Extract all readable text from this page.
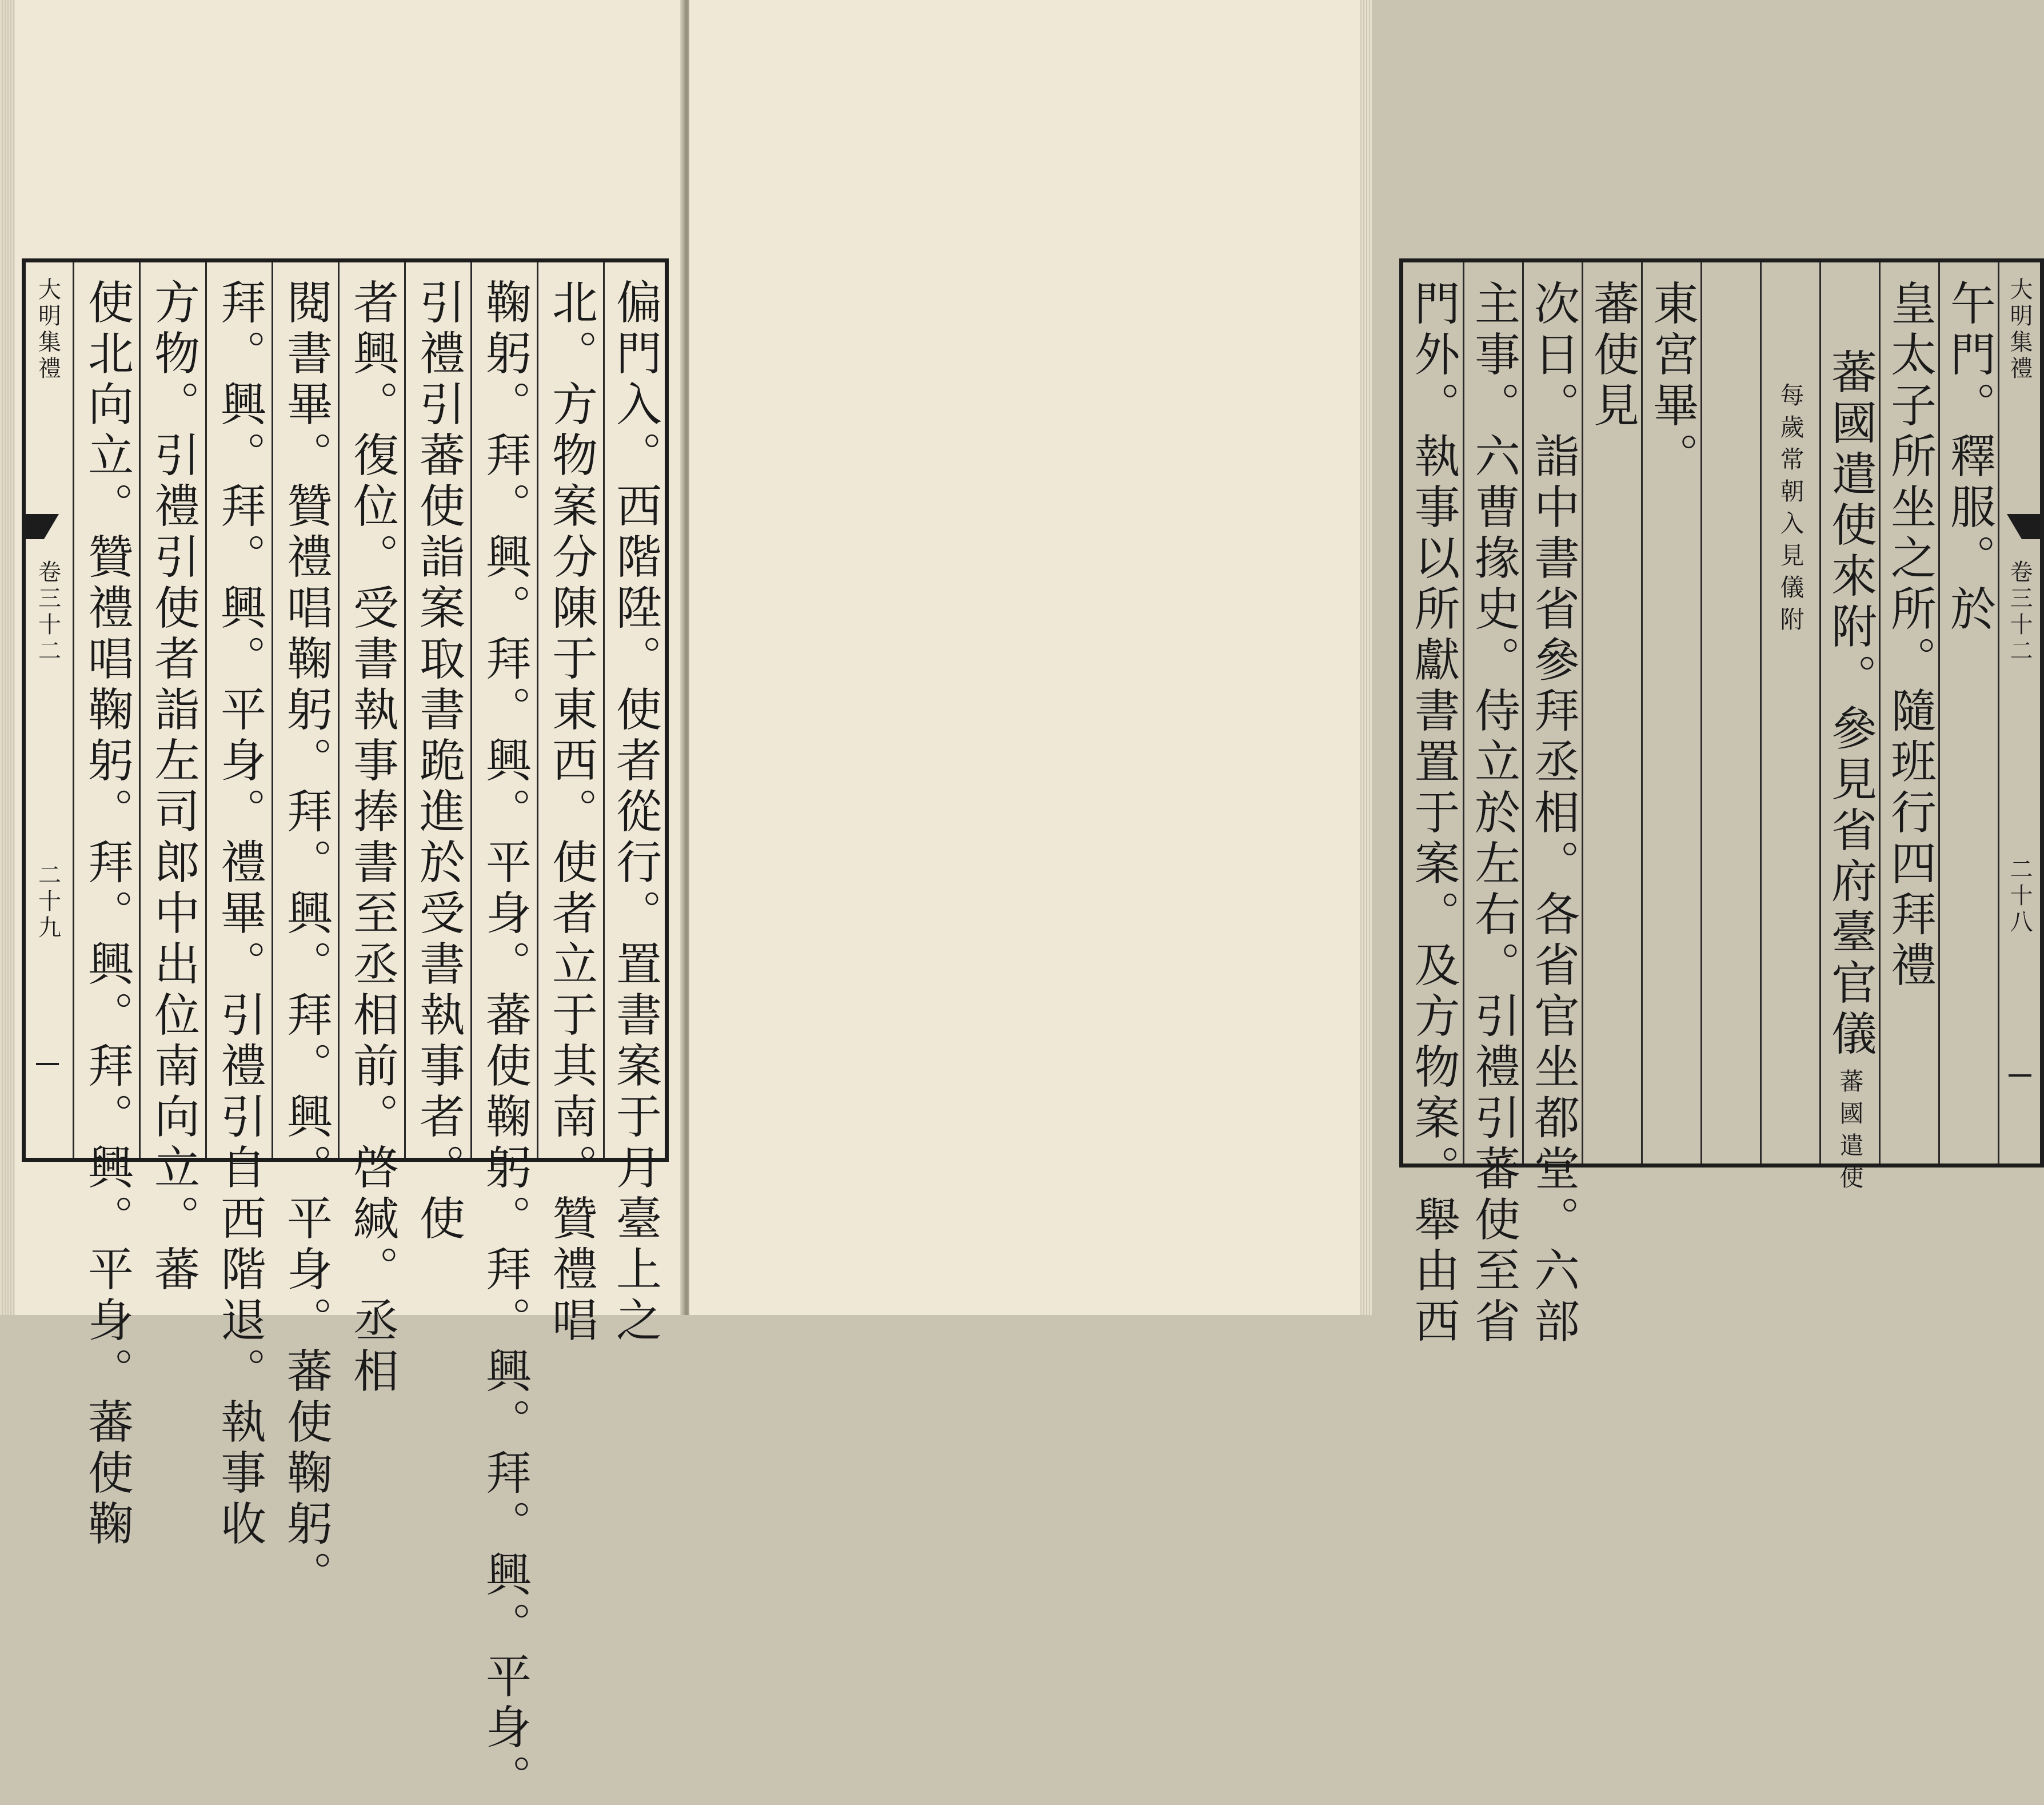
大明集禮
卷三十二
二十九 使北向立。贊禮唱鞠躬。拜。興。拜。興。平身。蕃使鞠 方物。引禮引使者詣左司郎中出位南向立。蕃 拜。興。拜。興。平身。禮畢。引禮引自西階退。執事收 閱書畢。贊禮唱鞠躬。拜。興。拜。興。平身。蕃使鞠躬。 者興。復位。受書執事捧書至丞相前。啓緘。丞相 引禮引蕃使詣案取書跪進於受書執事者。使 鞠躬。拜。興。拜。興。平身。蕃使鞠躬。拜。興。拜。興。平身。 北。方物案分陳于東西。使者立于其南。贊禮唱 偏門入。西階陞。使者從行。置書案于月臺上之	門外。執事以所獻書置于案。及方物案。舉由西 主事。六曹掾史。侍立於左右。引禮引蕃使至省 次日。詣中書省參拜丞相。各省官坐都堂。六部 蕃使見 東宮畢。
每歲常朝入見儀附 蕃國遣使來附。參見省府臺官儀
蕃國遣使
皇太子所坐之所。隨班行四拜禮 午門。釋服。於 大明集禮
卷三十二
二十八
